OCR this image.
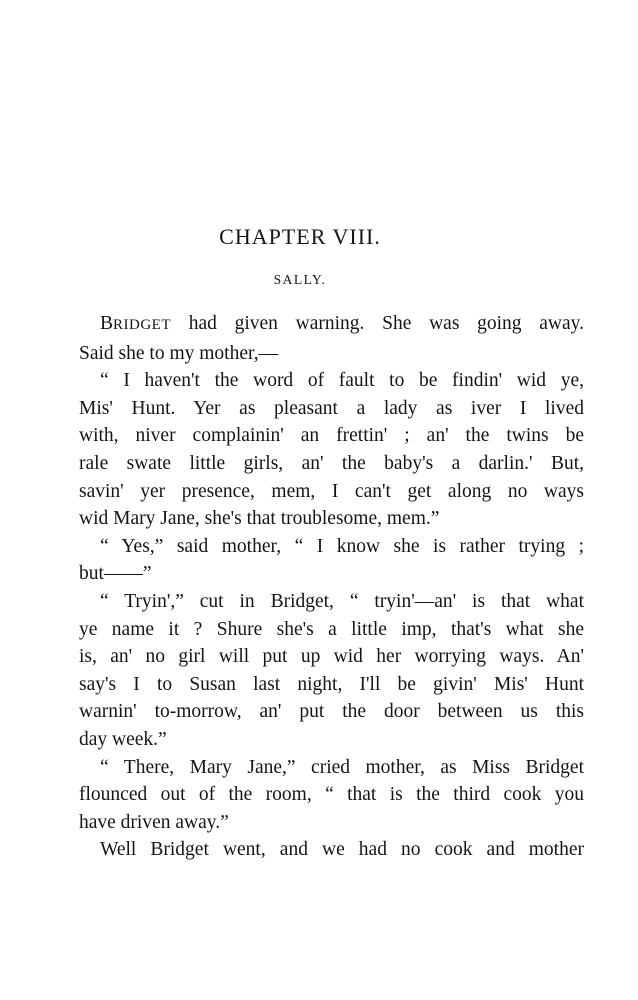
CHAPTER VIII.
SALLY.
BRIDGET had given warning. She was going away.
Said she to my mother,—
“ I haven't the word of fault to be findin' wid ye,
Mis' Hunt. Yer as pleasant a lady as iver I lived
with, niver complainin' an frettin' ; an' the twins be
rale swate little girls, an' the baby's a darlin.' But,
savin' yer presence, mem, I can't get along no ways
wid Mary Jane, she's that troublesome, mem.”
“ Yes,” said mother, “ I know she is rather trying ;
but——”
“ Tryin',” cut in Bridget, “ tryin'—an' is that what
ye name it ? Shure she's a little imp, that's what she
is, an' no girl will put up wid her worrying ways. An'
say's I to Susan last night, I'll be givin' Mis' Hunt
warnin' to-morrow, an' put the door between us this
day week.”
“ There, Mary Jane,” cried mother, as Miss Bridget
flounced out of the room, “ that is the third cook you
have driven away.”
Well Bridget went, and we had no cook and mother
